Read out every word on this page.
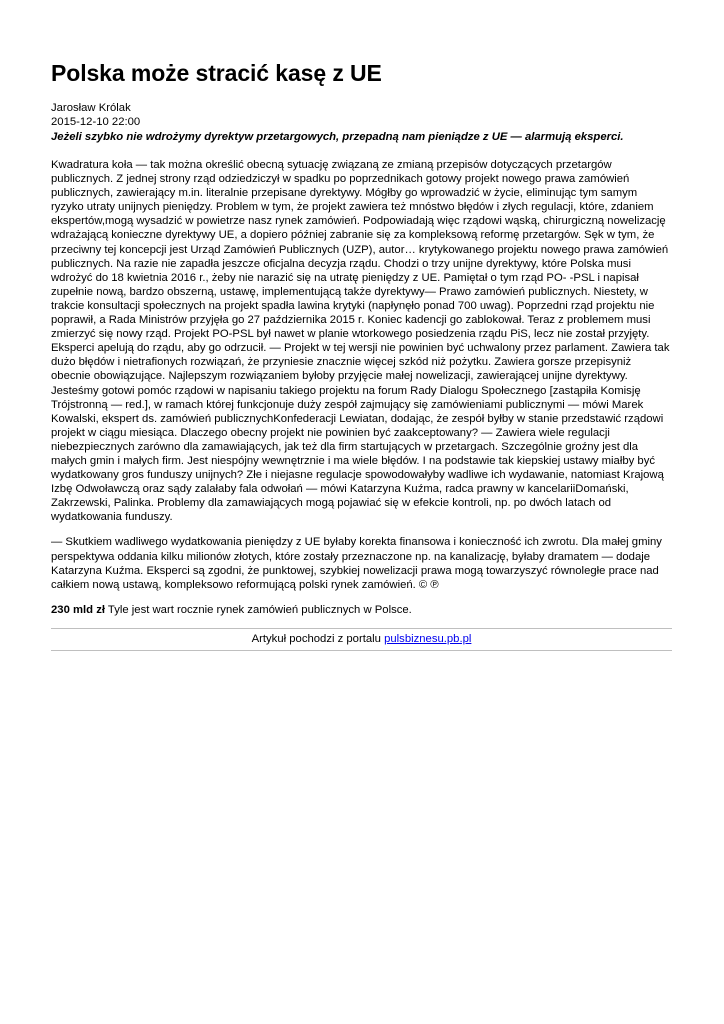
Polska może stracić kasę z UE
Jarosław Królak
2015-12-10 22:00
Jeżeli szybko nie wdrożymy dyrektyw przetargowych, przepadną nam pieniądze z UE — alarmują eksperci.

Kwadratura koła — tak można określić obecną sytuację związaną ze zmianą przepisów dotyczących przetargów publicznych. Z jednej strony rząd odziedziczył w spadku po poprzednikach gotowy projekt nowego prawa zamówień publicznych, zawierający m.in. literalnie przepisane dyrektywy. Mógłby go wprowadzić w życie, eliminując tym samym ryzyko utraty unijnych pieniędzy. Problem w tym, że projekt zawiera też mnóstwo błędów i złych regulacji, które, zdaniem ekspertów,mogą wysadzić w powietrze nasz rynek zamówień. Podpowiadają więc rządowi wąską, chirurgiczną nowelizację wdrażającą konieczne dyrektywy UE, a dopiero później zabranie się za kompleksową reformę przetargów. Sęk w tym, że przeciwny tej koncepcji jest Urząd Zamówień Publicznych (UZP), autor… krytykowanego projektu nowego prawa zamówień publicznych. Na razie nie zapadła jeszcze oficjalna decyzja rządu. Chodzi o trzy unijne dyrektywy, które Polska musi wdrożyć do 18 kwietnia 2016 r., żeby nie narazić się na utratę pieniędzy z UE. Pamiętał o tym rząd PO- -PSL i napisał zupełnie nową, bardzo obszerną, ustawę, implementującą także dyrektywy— Prawo zamówień publicznych. Niestety, w trakcie konsultacji społecznych na projekt spadła lawina krytyki (napłynęło ponad 700 uwag). Poprzedni rząd projektu nie poprawił, a Rada Ministrów przyjęła go 27 października 2015 r. Koniec kadencji go zablokował. Teraz z problemem musi zmierzyć się nowy rząd. Projekt PO-PSL był nawet w planie wtorkowego posiedzenia rządu PiS, lecz nie został przyjęty. Eksperci apelują do rządu, aby go odrzucił. — Projekt w tej wersji nie powinien być uchwalony przez parlament. Zawiera tak dużo błędów i nietrafionych rozwiązań, że przyniesie znacznie więcej szkód niż pożytku. Zawiera gorsze przepisyniż obecnie obowiązujące. Najlepszym rozwiązaniem byłoby przyjęcie małej nowelizacji, zawierającej unijne dyrektywy. Jesteśmy gotowi pomóc rządowi w napisaniu takiego projektu na forum Rady Dialogu Społecznego [zastąpiła Komisję Trójstronną — red.], w ramach której funkcjonuje duży zespół zajmujący się zamówieniami publicznymi — mówi Marek Kowalski, ekspert ds. zamówień publicznychKonfederacji Lewiatan, dodając, że zespół byłby w stanie przedstawić rządowi projekt w ciągu miesiąca. Dlaczego obecny projekt nie powinien być zaakceptowany? — Zawiera wiele regulacji niebezpiecznych zarówno dla zamawiających, jak też dla firm startujących w przetargach. Szczególnie groźny jest dla małych gmin i małych firm. Jest niespójny wewnętrznie i ma wiele błędów. I na podstawie tak kiepskiej ustawy miałby być wydatkowany gros funduszy unijnych? Złe i niejasne regulacje spowodowałyby wadliwe ich wydawanie, natomiast Krajową Izbę Odwoławczą oraz sądy zalałaby fala odwołań — mówi Katarzyna Kuźma, radca prawny w kancelariiDomański, Zakrzewski, Palinka. Problemy dla zamawiających mogą pojawiać się w efekcie kontroli, np. po dwóch latach od wydatkowania funduszy.

— Skutkiem wadliwego wydatkowania pieniędzy z UE byłaby korekta finansowa i konieczność ich zwrotu. Dla małej gminy perspektywa oddania kilku milionów złotych, które zostały przeznaczone np. na kanalizację, byłaby dramatem — dodaje Katarzyna Kuźma. Eksperci są zgodni, że punktowej, szybkiej nowelizacji prawa mogą towarzyszyć równoległe prace nad całkiem nową ustawą, kompleksowo reformującą polski rynek zamówień. © ℗

230 mld zł Tyle jest wart rocznie rynek zamówień publicznych w Polsce.

Artykuł pochodzi z portalu pulsbiznesu.pb.pl
